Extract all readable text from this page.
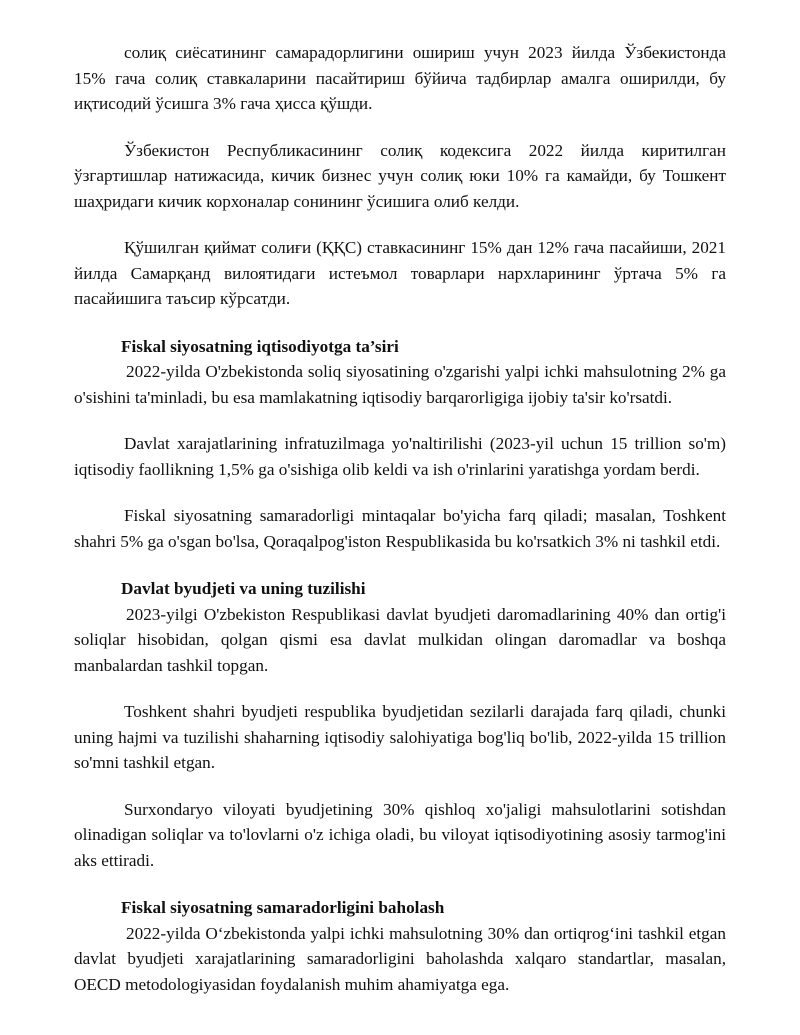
солиқ сиёсатининг самарадорлигини ошириш учун 2023 йилда Ўзбекистонда 15% гача солиқ ставкаларини пасайтириш бўйича тадбирлар амалга оширилди, бу иқтисодий ўсишга 3% гача ҳисса қўшди.

Ўзбекистон Республикасининг солиқ кодексига 2022 йилда киритилган ўзгартишлар натижасида, кичик бизнес учун солиқ юки 10% га камайди, бу Тошкент шаҳридаги кичик корхоналар сонининг ўсишига олиб келди.

Қўшилган қиймат солиғи (ҚҚС) ставкасининг 15% дан 12% гача пасайиши, 2021 йилда Самарқанд вилоятидаги истеъмол товарлари нархларининг ўртача 5% га пасайишига таъсир кўрсатди.

Fiskal siyosatning iqtisodiyotga ta’siri

2022-yilda O'zbekistonda soliq siyosatining o'zgarishi yalpi ichki mahsulotning 2% ga o'sishini ta'minladi, bu esa mamlakatning iqtisodiy barqarorligiga ijobiy ta'sir ko'rsatdi.

Davlat xarajatlarining infratuzilmaga yo'naltirilishi (2023-yil uchun 15 trillion so'm) iqtisodiy faollikning 1,5% ga o'sishiga olib keldi va ish o'rinlarini yaratishga yordam berdi.

Fiskal siyosatning samaradorligi mintaqalar bo'yicha farq qiladi; masalan, Toshkent shahri 5% ga o'sgan bo'lsa, Qoraqalpog'iston Respublikasida bu ko'rsatkich 3% ni tashkil etdi.

Davlat byudjeti va uning tuzilishi

2023-yilgi O'zbekiston Respublikasi davlat byudjeti daromadlarining 40% dan ortig'i soliqlar hisobidan, qolgan qismi esa davlat mulkidan olingan daromadlar va boshqa manbalardan tashkil topgan.

Toshkent shahri byudjeti respublika byudjetidan sezilarli darajada farq qiladi, chunki uning hajmi va tuzilishi shaharning iqtisodiy salohiyatiga bog'liq bo'lib, 2022-yilda 15 trillion so'mni tashkil etgan.

Surxondaryo viloyati byudjetining 30% qishloq xo'jaligi mahsulotlarini sotishdan olinadigan soliqlar va to'lovlarni o'z ichiga oladi, bu viloyat iqtisodiyotining asosiy tarmog'ini aks ettiradi.

Fiskal siyosatning samaradorligini baholash

2022-yilda O‘zbekistonda yalpi ichki mahsulotning 30% dan ortiqrog‘ini tashkil etgan davlat byudjeti xarajatlarining samaradorligini baholashda xalqaro standartlar, masalan, OECD metodologiyasidan foydalanish muhim ahamiyatga ega.
